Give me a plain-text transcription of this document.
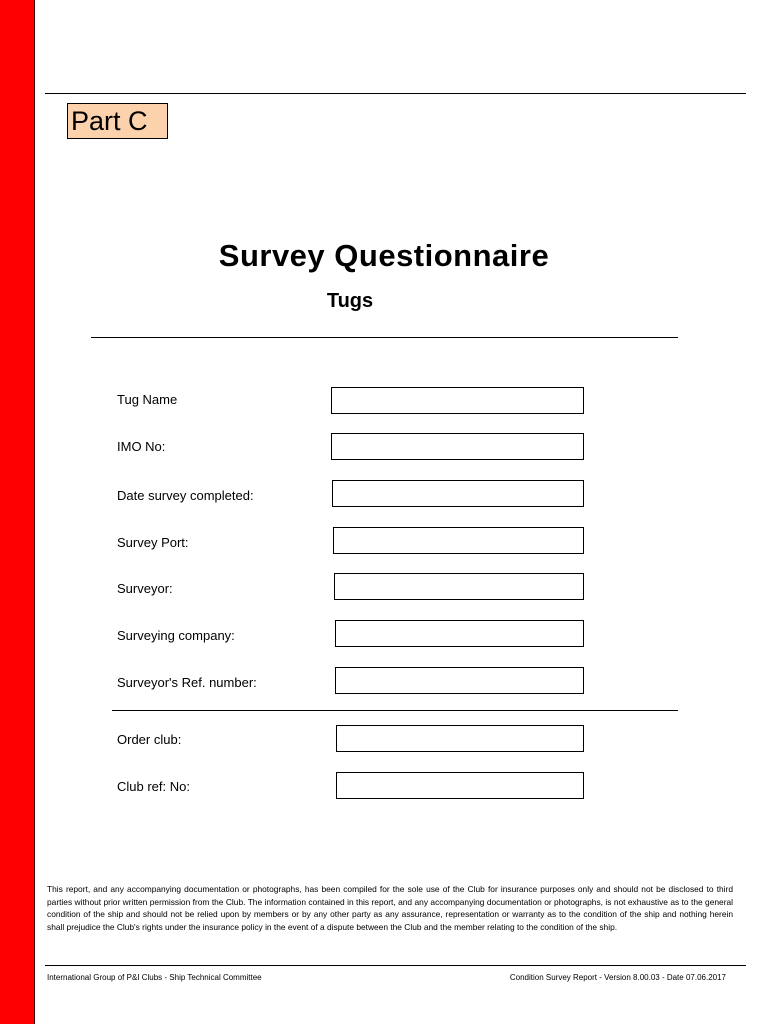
Part C
Survey Questionnaire
Tugs
Tug Name
IMO No:
Date survey completed:
Survey Port:
Surveyor:
Surveying company:
Surveyor's Ref. number:
Order club:
Club ref: No:
This report, and any accompanying documentation or photographs, has been compiled for the sole use of the Club for insurance purposes only and should not be disclosed to third parties without prior written permission from the Club. The information contained in this report, and any accompanying documentation or photographs, is not exhaustive as to the general condition of the ship and should not be relied upon by members or by any other party as any assurance, representation or warranty as to the condition of the ship and nothing herein shall prejudice the Club's rights under the insurance policy in the event of a dispute between the Club and the member relating to the condition of the ship.
International Group of P&I Clubs - Ship Technical Committee	Condition Survey Report - Version 8.00.03 - Date 07.06.2017
